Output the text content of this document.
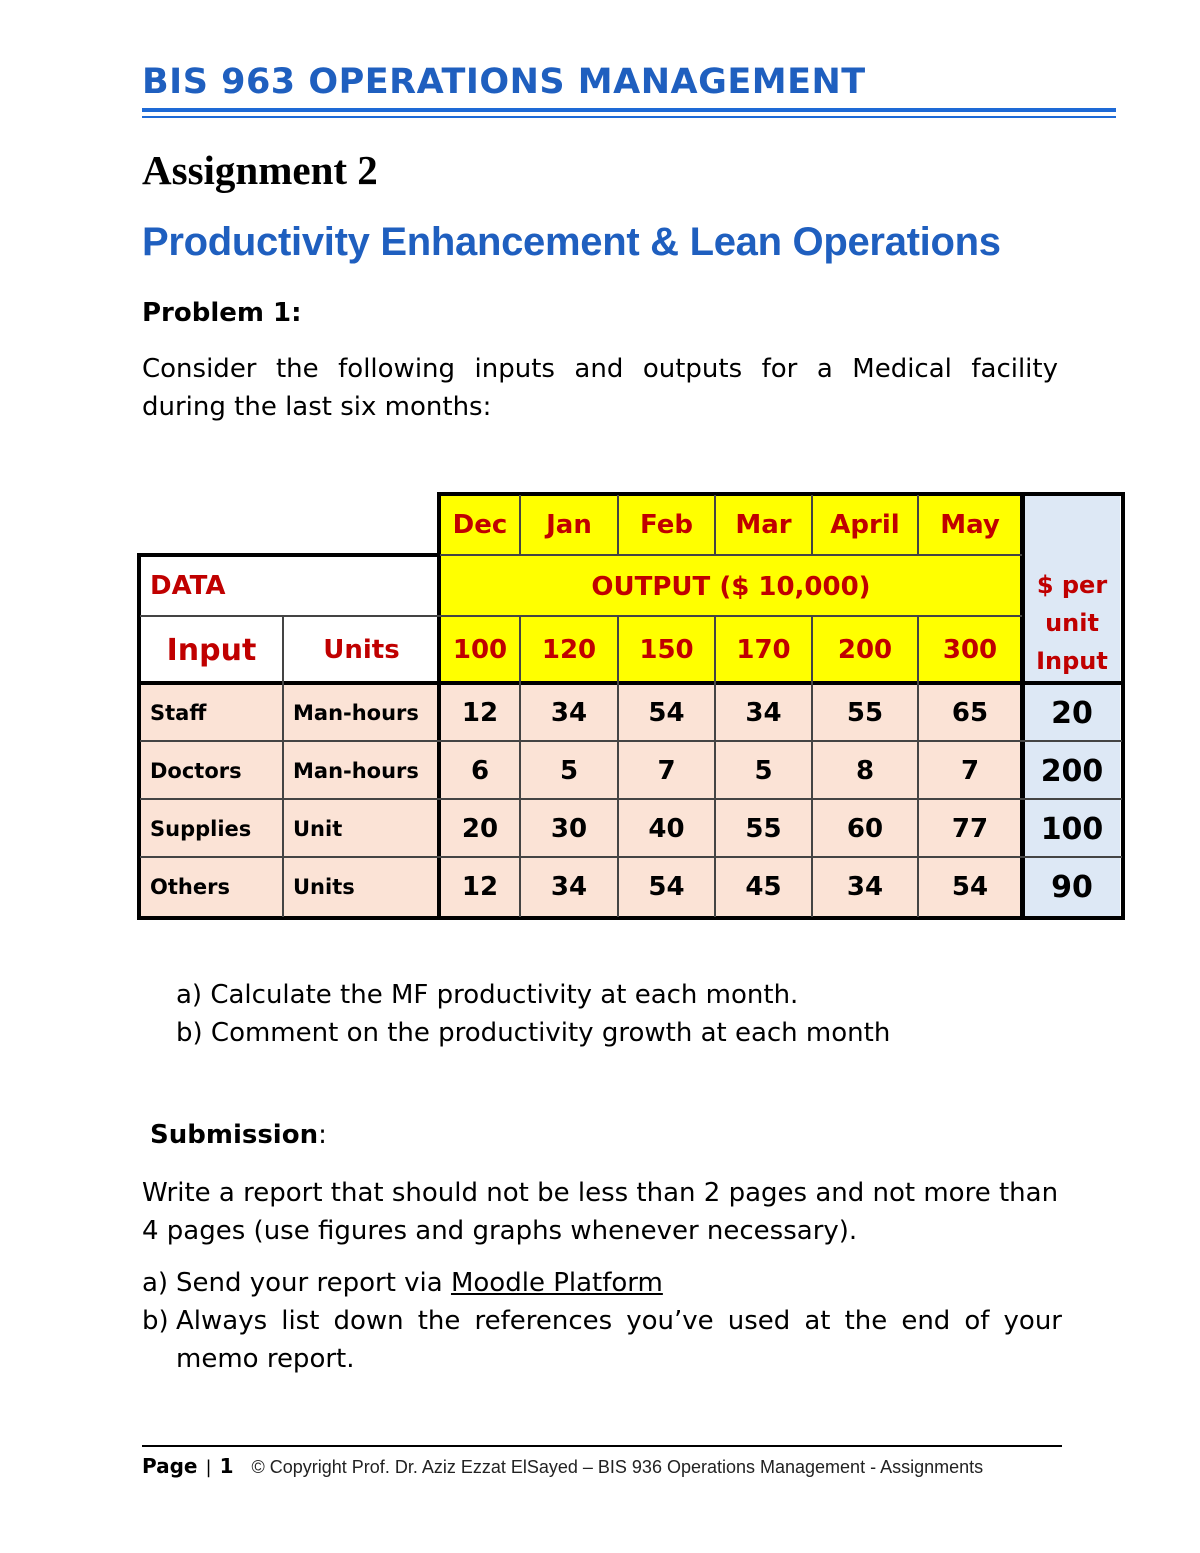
BIS 963 OPERATIONS MANAGEMENT
Assignment 2
Productivity Enhancement & Lean Operations
Problem 1:
Consider the following inputs and outputs for a Medical facility
during the last six months:
Dec	Jan	Feb	Mar	April	May
DATA	OUTPUT ($ 10,000)
Input	Units	100	120	150	170	200	300
$ per unit Input
Staff	Man-hours	12	34	54	34	55	65	20
Doctors	Man-hours	6	5	7	5	8	7	200
Supplies	Unit	20	30	40	55	60	77	100
Others	Units	12	34	54	45	34	54	90
a) Calculate the MF productivity at each month.
b) Comment on the productivity growth at each month
Submission:
Write a report that should not be less than 2 pages and not more than 4 pages (use figures and graphs whenever necessary).
a) Send your report via Moodle Platform
b) Always list down the references you’ve used at the end of your memo report.
Page | 1 © Copyright Prof. Dr. Aziz Ezzat ElSayed – BIS 936 Operations Management - Assignments
